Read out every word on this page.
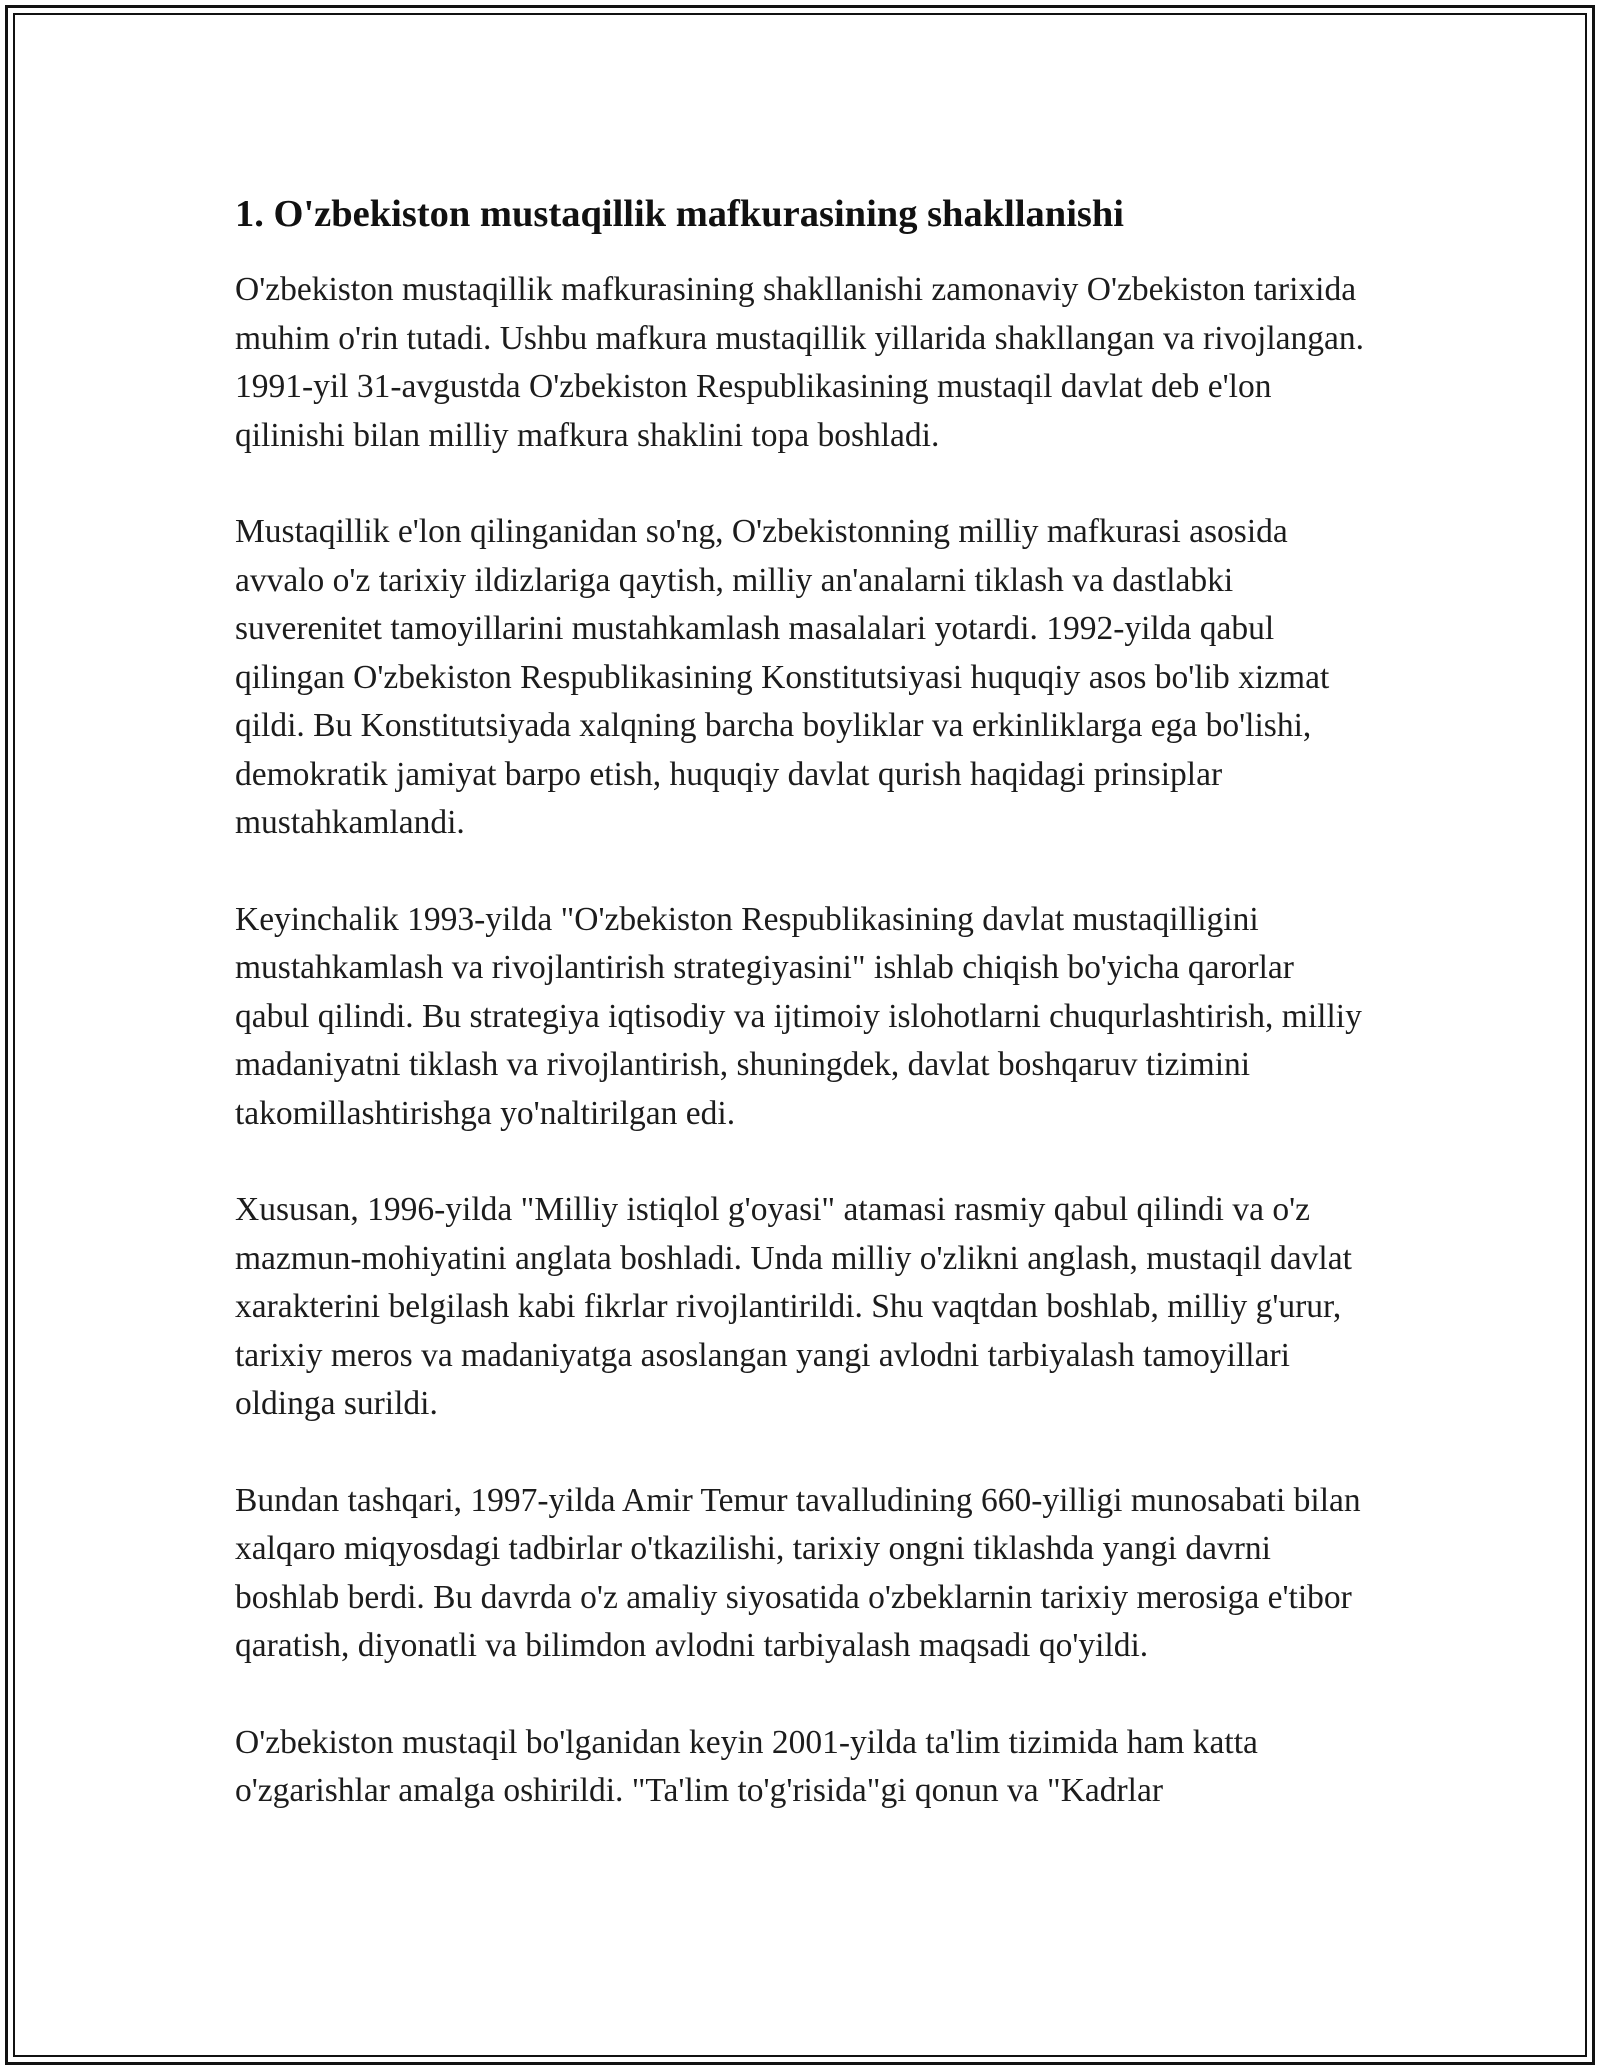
1. O'zbekiston mustaqillik mafkurasining shakllanishi

O'zbekiston mustaqillik mafkurasining shakllanishi zamonaviy O'zbekiston tarixida muhim o'rin tutadi. Ushbu mafkura mustaqillik yillarida shakllangan va rivojlangan. 1991-yil 31-avgustda O'zbekiston Respublikasining mustaqil davlat deb e'lon qilinishi bilan milliy mafkura shaklini topa boshladi.

Mustaqillik e'lon qilinganidan so'ng, O'zbekistonning milliy mafkurasi asosida avvalo o'z tarixiy ildizlariga qaytish, milliy an'analarni tiklash va dastlabki suverenitet tamoyillarini mustahkamlash masalalari yotardi. 1992-yilda qabul qilingan O'zbekiston Respublikasining Konstitutsiyasi huquqiy asos bo'lib xizmat qildi. Bu Konstitutsiyada xalqning barcha boyliklar va erkinliklarga ega bo'lishi, demokratik jamiyat barpo etish, huquqiy davlat qurish haqidagi prinsiplar mustahkamlandi.

Keyinchalik 1993-yilda "O'zbekiston Respublikasining davlat mustaqilligini mustahkamlash va rivojlantirish strategiyasini" ishlab chiqish bo'yicha qarorlar qabul qilindi. Bu strategiya iqtisodiy va ijtimoiy islohotlarni chuqurlashtirish, milliy madaniyatni tiklash va rivojlantirish, shuningdek, davlat boshqaruv tizimini takomillashtirishga yo'naltirilgan edi.

Xususan, 1996-yilda "Milliy istiqlol g'oyasi" atamasi rasmiy qabul qilindi va o'z mazmun-mohiyatini anglata boshladi. Unda milliy o'zlikni anglash, mustaqil davlat xarakterini belgilash kabi fikrlar rivojlantirildi. Shu vaqtdan boshlab, milliy g'urur, tarixiy meros va madaniyatga asoslangan yangi avlodni tarbiyalash tamoyillari oldinga surildi.

Bundan tashqari, 1997-yilda Amir Temur tavalludining 660-yilligi munosabati bilan xalqaro miqyosdagi tadbirlar o'tkazilishi, tarixiy ongni tiklashda yangi davrni boshlab berdi. Bu davrda o'z amaliy siyosatida o'zbeklarnin tarixiy merosiga e'tibor qaratish, diyonatli va bilimdon avlodni tarbiyalash maqsadi qo'yildi.

O'zbekiston mustaqil bo'lganidan keyin 2001-yilda ta'lim tizimida ham katta o'zgarishlar amalga oshirildi. "Ta'lim to'g'risida"gi qonun va "Kadrlar
